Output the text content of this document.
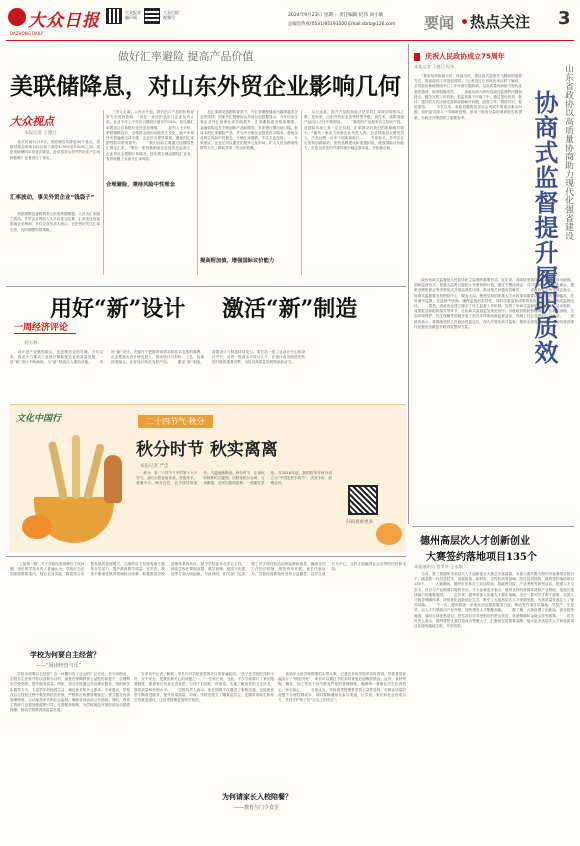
大众日报
DAZHONG DAILY
大众报业
融声阅
大众日报
视频号	2024年9月23日 星期一 责任编辑 纪伟 刘小敏
总编室传真(0531)85193500 Email:dzrb@126.com 要闻 热点关注 3
做好汇率避险 提高产品价值
美联储降息，对山东外贸企业影响几何
大众视点
本报记者 王德江
　　北京时间9月19日，美联储宣布降息50个基点，将联邦基金利率目标区间下调至4.75%至5.00%之间。这是美联储四年来首次降息，此举将对山东外贸企业产生何种影响？记者进行了采访。
汇率波动，事关外贸企业“钱袋子”
　　美联储降息意味着美元贬值预期增强，人民币汇率随之波动。外贸企业的收入大多以美元结算，汇率变化直接影响企业利润。多位企业负责人表示，正在密切关注汇率走势，及时调整结算策略。
　　“美元走弱，人民币升值，我们出口产品的价格竞争力会受到影响。”青岛一家纺织品出口企业负责人说。企业今年上半年出口额同比增长约12%，但近期汇率波动让订单报价变得更加谨慎。　　业内人士分析，美联储降息后，全球资金流向可能发生变化，新兴市场货币普遍承压或走强，企业应当提早谋划，避免因汇率剧烈波动带来损失。　　“我们目前主要通过远期结售汇锁定汇率。”烟台一家机械制造企业财务总监表示，企业每月会根据订单情况，按比例办理远期结汇业务，有效规避了大部分汇率风险。
合理避险，秉持风险中性理念
　　在汇率波动加剧的背景下，外汇套期保值成为越来越多企业的选择。国家外汇管理局山东省分局数据显示，今年以来全省企业外汇套保比率持续提升，汇率避险意识明显增强。　　金融机构也在不断创新产品和服务。多家银行推出低门槛、低成本的汇率避险产品，并为中小微企业提供首办服务，帮助企业树立风险中性理念，不赌汇率涨跌，专注主业经营。　　专家建议，企业还可以通过拓展多元化市场、扩大人民币跨境结算等方式，降低对单一货币的依赖。
提高附加值，增强国际议价能力
　　从长远看，提升产品附加值才是应对汇率波动的根本之策。近年来，山东外贸企业加快转型升级，高技术、高附加值产品出口占比不断提高。　　“我们的产品拥有自主知识产权，在国际市场上有一定定价权，汇率波动对我们的影响相对较小。”潍坊一家动力设备企业负责人说。企业持续加大研发投入，产品远销一百多个国家和地区。　　专家表示，外贸企业应坚持创新驱动，加快品牌建设和渠道拓展，增强国际议价能力，在复杂多变的外部环境中稳住基本盘、开拓新空间。
庆祝人民政协成立75周年
本报记者 王德江 纪伟
　　“我省坚持协商于民、协商为民，把协商式监督作为履职的重要方式，推动政协工作提质增效。”记者近日在省政协采访时了解到，全省政协系统围绕中心工作开展专题协商，以高质量协商助力现代化强省建设，取得积极成效。　　省政协深入研究协商式监督的内涵和特点，健全完善工作机制，把监督寓于协商之中，通过提出意见、批评、建议的方式协助党委和政府解决问题、改进工作、增进共识、促进团结。　　今年以来，省政协聚焦经济社会发展中的重点难点问题，组织委员深入一线调研视察，形成一批有分量的调研报告和提案，为科学决策提供了重要参考。	山东省政协以高质量协商助力现代化强省建设
协商式监督提升履职质效
　　政协协商式监督是人民政协民主监督的重要形式。近年来，省政协坚持以党的政治建设为统领，创新监督形式，把重点监督议题纳入年度协商计划，通过专题协商会、对口协商会、界别协商会、提案办理协商会等多种形式开展监督性协商，推动相关问题有效解决。　　省政协有关负责同志表示，协商式监督要坚持围绕中心、服务大局，聚焦党和国家重大方针政策和重要决策部署的贯彻落实，在协商中监督、在监督中协商，确保监督的实效性。同时注重监督成果的转化运用，推动形成监督闭环。　　据悉，省政协还建立健全了民主监督工作机制，完善了协商式监督的议题提出、活动组织、成果报送和跟踪落实等环节，让协商式监督更加规范有序。各级政协组织积极响应，在基层治理、生态环境保护、民生保障等领域开展了形式多样的协商监督活动，得到了社会各界的广泛认可。　　省政协表示，将继续坚持人民政协性质定位，深入开展协商式监督，聚焦全省发展大局，为加快建设现代化强省贡献更多政协智慧和力量。
用好“新”设计 激活“新”制造
一周经济评论
刘玉林
　　设计是产业链的源头，也是制造业的灵魂。今年以来，我省大力推动工业设计赋能制造业高质量发展，一批“新”设计不断涌现，为“新”制造注入强劲动能。　　用好“新”设计，关键在于把握市场需求和技术变革的脉搏。企业要加大设计研发投入，推动设计与材料、工艺、装备深度融合，让好设计转化为好产品。　　激活“新”制造，需要设计与制造协同发力。要打造一批工业设计中心和设计平台，培育一批高水平设计人才，让设计成为制造业转型升级的重要引擎，为经济高质量发展增添新动力。
文化中国行	二十四节气·秋分
秋分时节 秋实离离
本报记者 严忠
　　秋分，是二十四节气中的第十六个节气。此时太阳直射赤道，昼夜等长，寒暑平分。秋分过后，北半球昼短夜长，气温逐渐降低。秋分时节，正值秋收秋种的关键期，田野里稻谷金黄、玉米飘香，农民们抢收抢种，一派繁忙景象。自2018年起，我国将每年秋分设立为“中国农民丰收节”，庆祝丰收、致敬农民。
扫码查看更多
德州高层次人才创新创业
大赛签约落地项目135个
本报通讯员 贾荣华 王永顺
　　日前，第三届德州市高层次人才创新创业大赛总决赛落幕。本届大赛共吸引海内外参赛项目数百个，涵盖新一代信息技术、高端装备、新材料、生物医药等领域，经过层层选拔，最终签约落地项目135个。　　大赛期间，德州市还举办了项目路演、投融资对接、产业考察等系列活动，搭建人才与资本、项目与产业精准对接的平台。不少参赛选手表示，德州良好的营商环境和产业基础，是他们选择落户的重要原因。　　近年来，德州市深入实施人才强市战略，出台一系列引才育才政策，完善人才服务保障体系，持续优化创新创业生态，吸引了大批高层次人才来德发展，为高质量发展注入了强劲动能。　　下一步，德州将进一步加大项目跟踪服务力度，推动签约项目早落地、早投产、早见效，以人才引领驱动产业升级，加快建设人才集聚高地。　　据了解，大赛设置了创新组、创业组等赛道，面向全球征集项目，获奖项目可享受相应的资金扶持、场地保障和金融支持等政策。　　有关负责人表示，德州将把大赛打造成为集聚人才、汇聚项目的重要品牌，推动更多高层次人才和优质项目在德州落地生根、开花结果。
　　〈上接第一版〉关于学校经营管理自主权问题，受访的学校负责人普遍认为，学校应当在国家政策框架内，结合自身实际，探索适合本校发展的管理模式。合理的自主经营有助于激发办学活力，提升教育教学质量。近年来，我省不断深化教育领域综合改革，积极推进学校治理体系现代化，赋予学校更多办学自主权，鼓励学校在课程设置、教学管理、校园文化建设等方面大胆创新。与此同时，相关部门也加强了对学校经营活动的监督和指导，确保各项工作依法依规、规范有序开展。家长代表认为，学校经营要始终坚持公益属性，以学生成长为中心，这样才能赢得社会各界的信任和支持。
学校为何要自主经营？
——“阅读经营与乐”
　　学校为何要自主经营？这一问题引发了社会的广泛讨论。有专家指出，学校自主经营并非以营利为目的，而是在保障教育公益性的前提下，合理利用学校资源，提升服务质量。例如，部分学校通过开设课后服务、组织研学实践等方式，丰富学生的校园生活，满足家长的多元需求。专家建议，学校在自主经营过程中要坚持依法依规，严格执行收费管理规定，建立健全内部管理制度，主动接受家长和社会监督，确保各项活动公开透明。同时，教育主管部门也要加强政策引导，完善配套制度，为学校规范开展经营活动提供保障，推动学校教育高质量发展。
　　在采访中记者了解到，家长们对学校食堂的关注度普遍较高。“孩子在学校吃得好不好、安不安全，是我们最关心的问题之一。”一位家长说。为此，不少学校推行了家长陪餐制度，邀请家长代表走进食堂，与孩子们同吃一份饭菜，实地了解食堂的卫生状况、饭菜质量和价格水平。　　学校负责人表示，家长陪餐不仅增进了家校沟通，也促使食堂不断改进服务，提升饭菜质量。同时，学校还建立了膳食委员会，定期听取师生和家长的意见建议，让食堂管理更加科学规范。
为何请家长入校陪餐？
——教育与门令食堂
　　食品安全是学校管理的头等大事。记者在多所学校采访时看到，学校食堂普遍实行了“明厨亮灶”，家长可以通过手机实时查看后厨操作情况。此外，食材采购、储存、加工等各个环节都有严格的管理制度，确保每一餐都让学生吃得放心、家长放心。　　专家认为，学校食堂管理要坚持公益性原则，在保证质量的前提下合理控制成本，同时要畅通家长参与渠道，让学校、家长和社会形成合力，共同守护孩子们“舌尖上的安全”。
